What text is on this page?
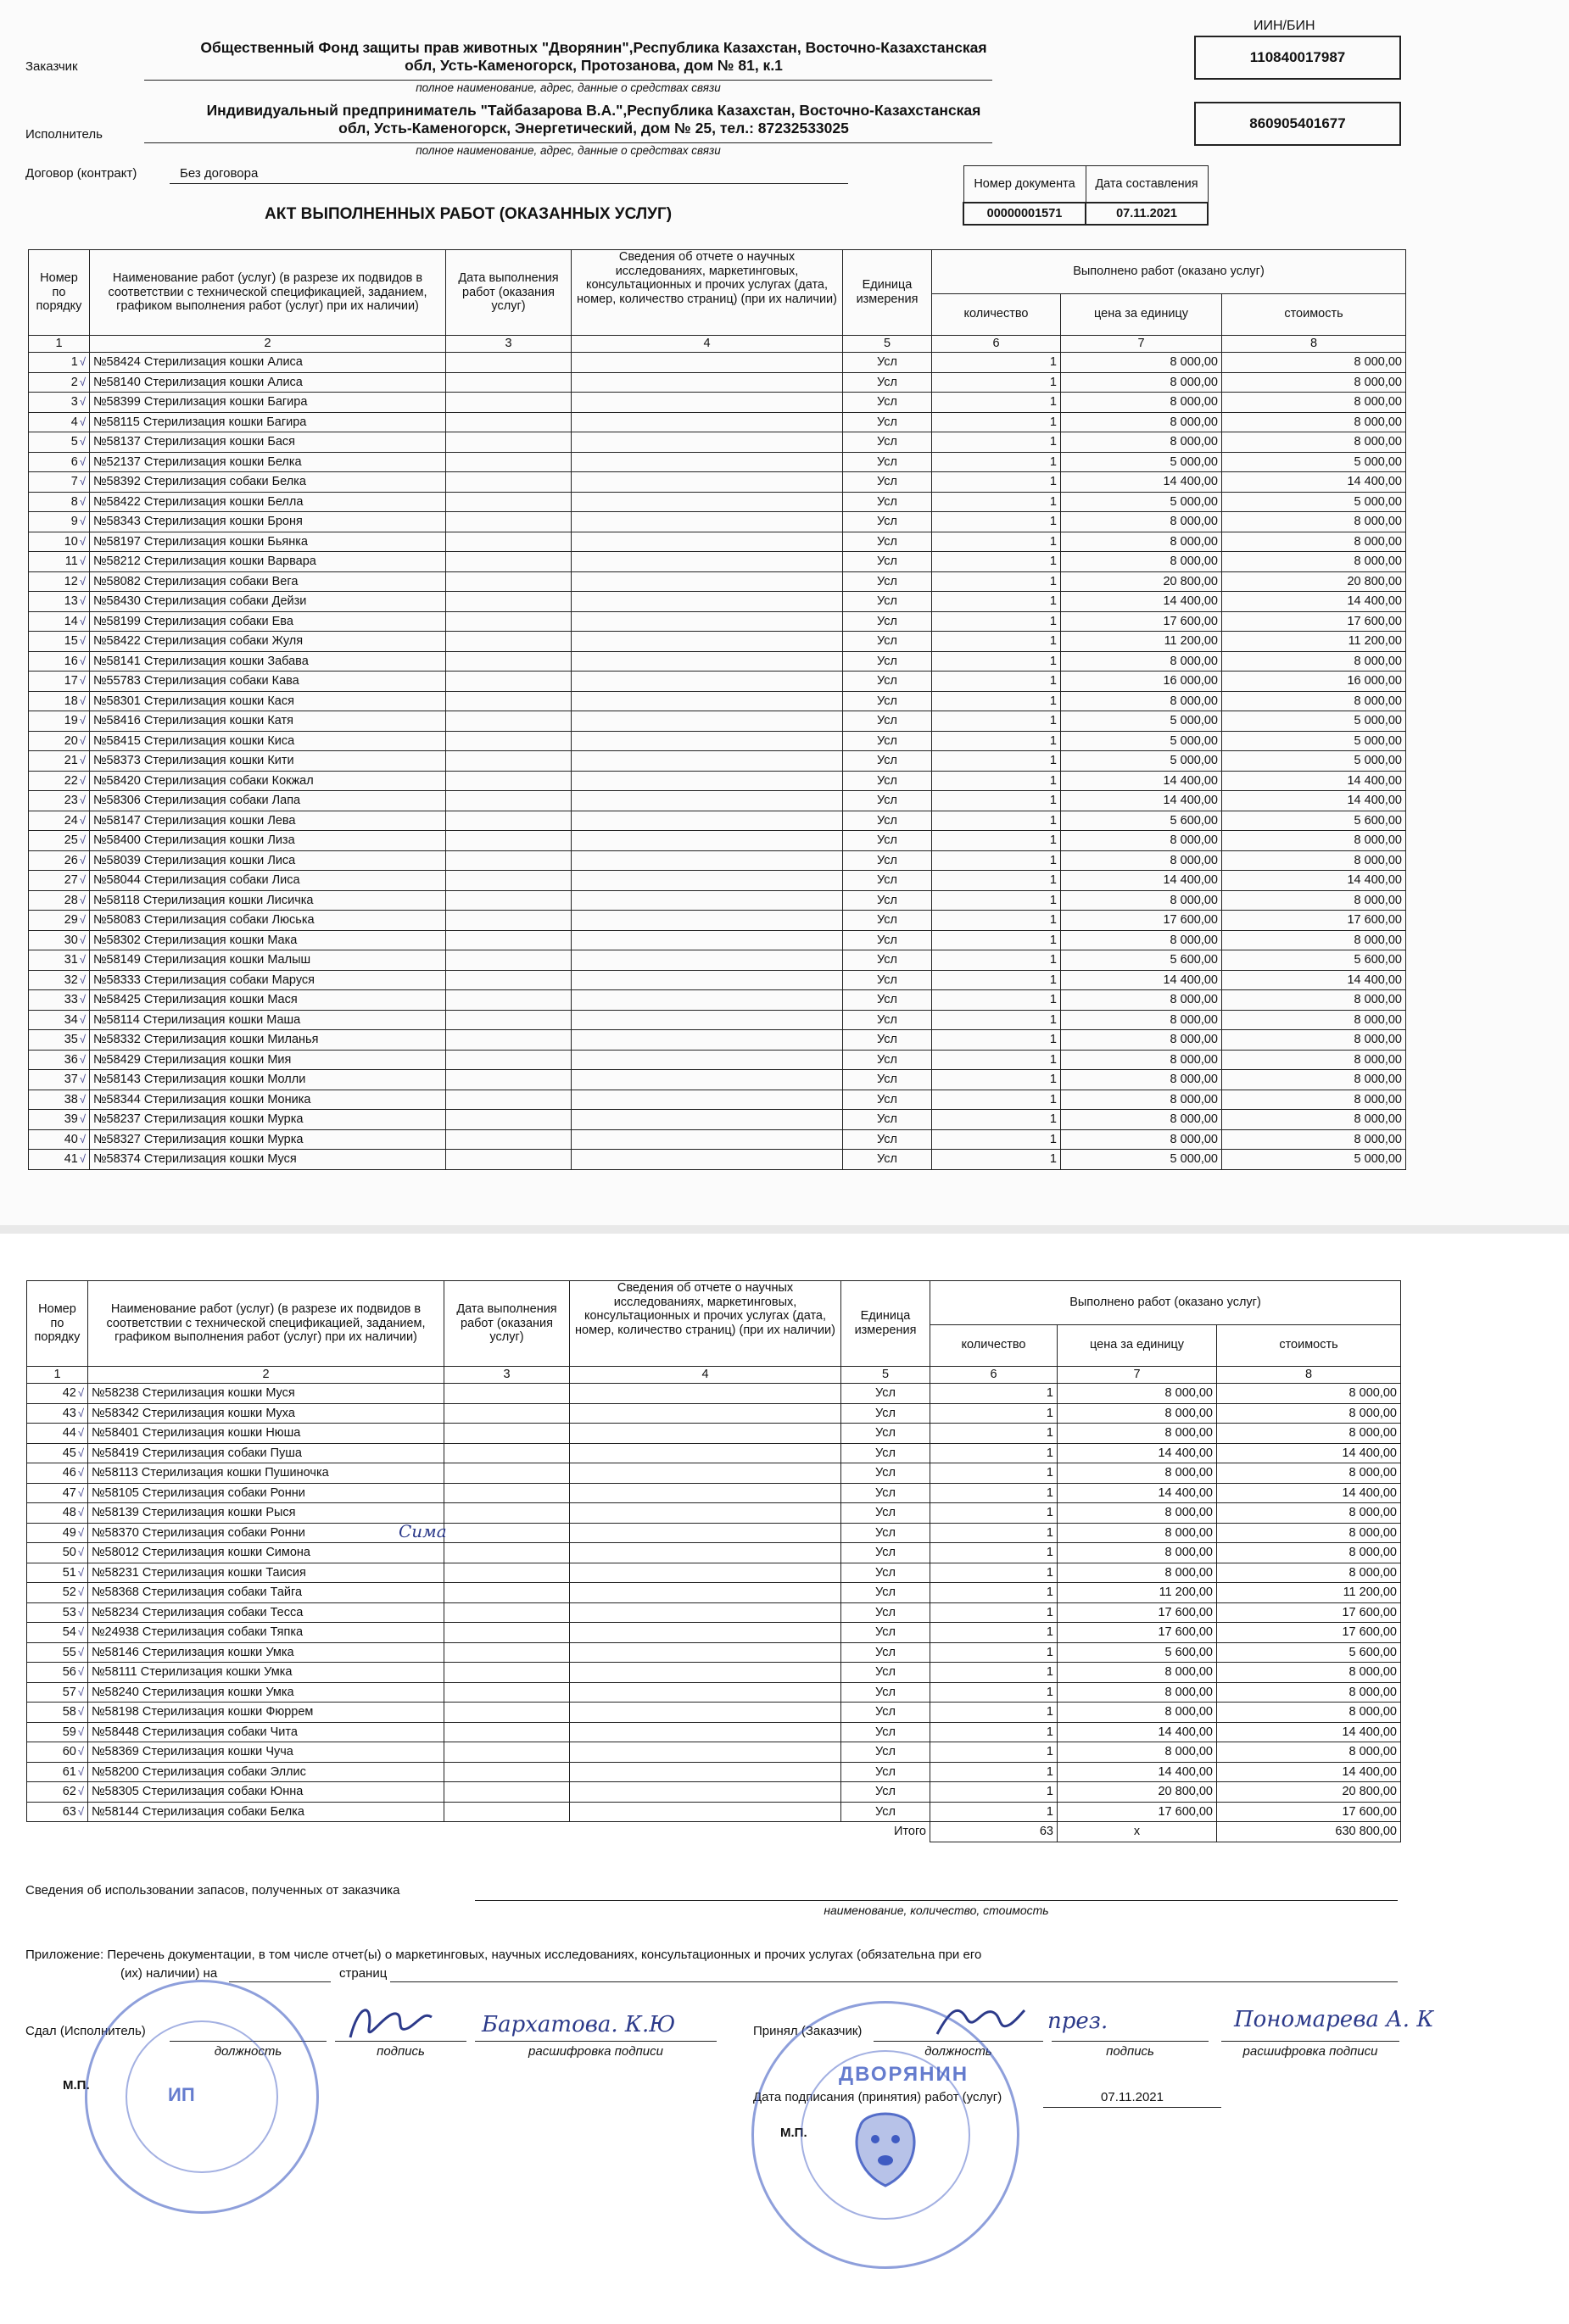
ИИН/БИН
Заказчик
Общественный Фонд защиты прав животных "Дворянин",Республика Казахстан, Восточно-Казахстанская
обл, Усть-Каменогорск, Протозанова, дом № 81, к.1	110840017987
полное наименование, адрес, данные о средствах связи
Исполнитель
Индивидуальный предприниматель "Тайбазарова В.А.",Республика Казахстан, Восточно-Казахстанская
обл, Усть-Каменогорск, Энергетический, дом № 25, тел.: 87232533025	860905401677
полное наименование, адрес, данные о средствах связи
Договор (контракт)	Без договора
Номер документа	Дата составления
00000001571	07.11.2021
АКТ ВЫПОЛНЕННЫХ РАБОТ (ОКАЗАННЫХ УСЛУГ)
Номер по порядку	Наименование работ (услуг) (в разрезе их подвидов в соответствии с технической спецификацией, заданием, графиком выполнения работ (услуг) при их наличии)	Дата выполнения работ (оказания услуг)	Сведения об отчете о научных исследованиях, маркетинговых, консультационных и прочих услугах (дата, номер, количество страниц) (при их наличии)	Единица измерения	Выполнено работ (оказано услуг)		
					количество	цена за единицу	стоимость
1	2	3	4	5	6	7	8
1 √	№58424 Стерилизация кошки Алиса			Усл	1	8 000,00	8 000,00
2 √	№58140 Стерилизация кошки Алиса			Усл	1	8 000,00	8 000,00
3 √	№58399 Стерилизация кошки Багира			Усл	1	8 000,00	8 000,00
4 √	№58115 Стерилизация кошки Багира			Усл	1	8 000,00	8 000,00
5 √	№58137 Стерилизация кошки Бася			Усл	1	8 000,00	8 000,00
6 √	№52137 Стерилизация кошки Белка			Усл	1	5 000,00	5 000,00
7 √	№58392 Стерилизация собаки Белка			Усл	1	14 400,00	14 400,00
8 √	№58422 Стерилизация кошки Белла			Усл	1	5 000,00	5 000,00
9 √	№58343 Стерилизация кошки Броня			Усл	1	8 000,00	8 000,00
10 √	№58197 Стерилизация кошки Бьянка			Усл	1	8 000,00	8 000,00
11 √	№58212 Стерилизация кошки Варвара			Усл	1	8 000,00	8 000,00
12 √	№58082 Стерилизация собаки Вега			Усл	1	20 800,00	20 800,00
13 √	№58430 Стерилизация собаки Дейзи			Усл	1	14 400,00	14 400,00
14 √	№58199 Стерилизация собаки Ева			Усл	1	17 600,00	17 600,00
15 √	№58422 Стерилизация собаки Жуля			Усл	1	11 200,00	11 200,00
16 √	№58141 Стерилизация кошки Забава			Усл	1	8 000,00	8 000,00
17 √	№55783 Стерилизация собаки Кава			Усл	1	16 000,00	16 000,00
18 √	№58301 Стерилизация кошки Кася			Усл	1	8 000,00	8 000,00
19 √	№58416 Стерилизация кошки Катя			Усл	1	5 000,00	5 000,00
20 √	№58415 Стерилизация кошки Киса			Усл	1	5 000,00	5 000,00
21 √	№58373 Стерилизация кошки Кити			Усл	1	5 000,00	5 000,00
22 √	№58420 Стерилизация собаки Кокжал			Усл	1	14 400,00	14 400,00
23 √	№58306 Стерилизация собаки Лапа			Усл	1	14 400,00	14 400,00
24 √	№58147 Стерилизация кошки Лева			Усл	1	5 600,00	5 600,00
25 √	№58400 Стерилизация кошки Лиза			Усл	1	8 000,00	8 000,00
26 √	№58039 Стерилизация кошки Лиса			Усл	1	8 000,00	8 000,00
27 √	№58044 Стерилизация собаки Лиса			Усл	1	14 400,00	14 400,00
28 √	№58118 Стерилизация кошки Лисичка			Усл	1	8 000,00	8 000,00
29 √	№58083 Стерилизация собаки Люська			Усл	1	17 600,00	17 600,00
30 √	№58302 Стерилизация кошки Мака			Усл	1	8 000,00	8 000,00
31 √	№58149 Стерилизация кошки Малыш			Усл	1	5 600,00	5 600,00
32 √	№58333 Стерилизация собаки Маруся			Усл	1	14 400,00	14 400,00
33 √	№58425 Стерилизация кошки Мася			Усл	1	8 000,00	8 000,00
34 √	№58114 Стерилизация кошки Маша			Усл	1	8 000,00	8 000,00
35 √	№58332 Стерилизация кошки Миланья			Усл	1	8 000,00	8 000,00
36 √	№58429 Стерилизация кошки Мия			Усл	1	8 000,00	8 000,00
37 √	№58143 Стерилизация кошки Молли			Усл	1	8 000,00	8 000,00
38 √	№58344 Стерилизация кошки Моника			Усл	1	8 000,00	8 000,00
39 √	№58237 Стерилизация кошки Мурка			Усл	1	8 000,00	8 000,00
40 √	№58327 Стерилизация кошки Мурка			Усл	1	8 000,00	8 000,00
41 √	№58374 Стерилизация кошки Муся			Усл	1	5 000,00	5 000,00
Номер по порядку	Наименование работ (услуг) (в разрезе их подвидов в соответствии с технической спецификацией, заданием, графиком выполнения работ (услуг) при их наличии)	Дата выполнения работ (оказания услуг)	Сведения об отчете о научных исследованиях, маркетинговых, консультационных и прочих услугах (дата, номер, количество страниц) (при их наличии)	Единица измерения	Выполнено работ (оказано услуг)		
					количество	цена за единицу	стоимость
1	2	3	4	5	6	7	8
42 √	№58238 Стерилизация кошки Муся			Усл	1	8 000,00	8 000,00
43 √	№58342 Стерилизация кошки Муха			Усл	1	8 000,00	8 000,00
44 √	№58401 Стерилизация кошки Нюша			Усл	1	8 000,00	8 000,00
45 √	№58419 Стерилизация собаки Пуша			Усл	1	14 400,00	14 400,00
46 √	№58113 Стерилизация кошки Пушиночка			Усл	1	8 000,00	8 000,00
47 √	№58105 Стерилизация собаки Ронни			Усл	1	14 400,00	14 400,00
48 √	№58139 Стерилизация кошки Рыся			Усл	1	8 000,00	8 000,00
49 √	№58370 Стерилизация собаки Ронни			Усл	1	8 000,00	8 000,00
50 √	№58012 Стерилизация кошки Симона			Усл	1	8 000,00	8 000,00
51 √	№58231 Стерилизация кошки Таисия			Усл	1	8 000,00	8 000,00
52 √	№58368 Стерилизация собаки Тайга			Усл	1	11 200,00	11 200,00
53 √	№58234 Стерилизация собаки Тесса			Усл	1	17 600,00	17 600,00
54 √	№24938 Стерилизация собаки Тяпка			Усл	1	17 600,00	17 600,00
55 √	№58146 Стерилизация кошки Умка			Усл	1	5 600,00	5 600,00
56 √	№58111 Стерилизация кошки Умка			Усл	1	8 000,00	8 000,00
57 √	№58240 Стерилизация кошки Умка			Усл	1	8 000,00	8 000,00
58 √	№58198 Стерилизация кошки Фюррем			Усл	1	8 000,00	8 000,00
59 √	№58448 Стерилизация собаки Чита			Усл	1	14 400,00	14 400,00
60 √	№58369 Стерилизация кошки Чуча			Усл	1	8 000,00	8 000,00
61 √	№58200 Стерилизация собаки Эллис			Усл	1	14 400,00	14 400,00
62 √	№58305 Стерилизация собаки Юнна			Усл	1	20 800,00	20 800,00
63 √	№58144 Стерилизация собаки Белка			Усл	1	17 600,00	17 600,00
				Итого	63	x	630 800,00
Сима
Сведения об использовании запасов, полученных от заказчика
наименование, количество, стоимость
Приложение: Перечень документации, в том числе отчет(ы) о маркетинговых, научных исследованиях, консультационных и прочих услугах (обязательна при его
(их) наличии) на	страниц
Сдал (Исполнитель)
должность	подпись	расшифровка подписи
Бархатова. К.Ю
М.П.	ИП
Принял (Заказчик)
должность	подпись	расшифровка подписи
през.	Пономарева А. К
Дата подписания (принятия) работ (услуг)	07.11.2021
М.П.
ДВОРЯНИН
